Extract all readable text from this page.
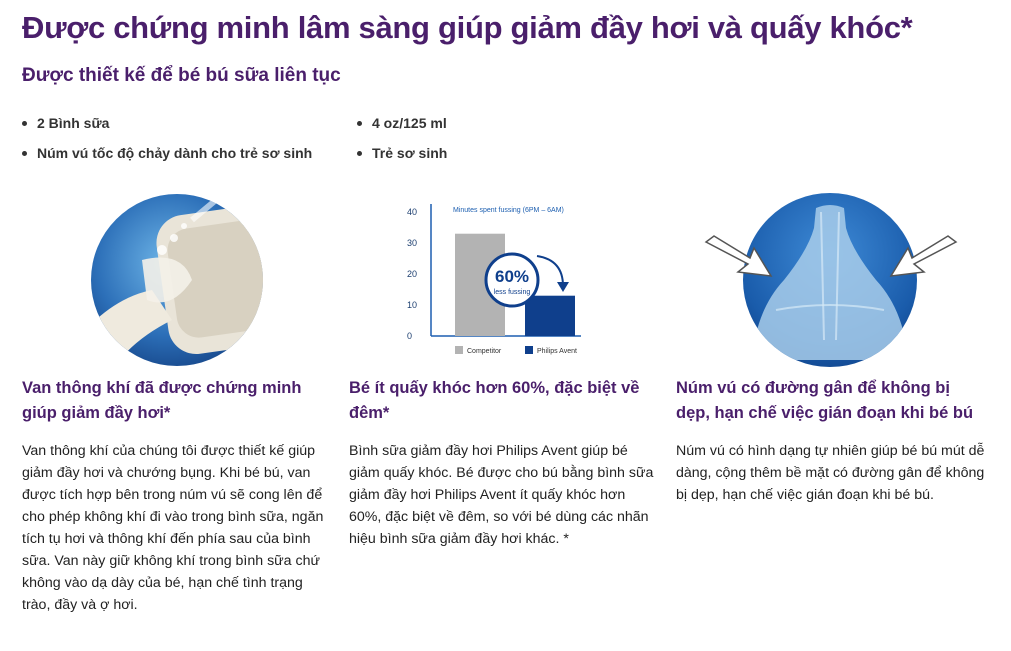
Được chứng minh lâm sàng giúp giảm đầy hơi và quấy khóc*
Được thiết kế để bé bú sữa liên tục
2 Bình sữa	4 oz/125 ml
Núm vú tốc độ chảy dành cho trẻ sơ sinh	Trẻ sơ sinh
Van thông khí đã được chứng minh giúp giảm đầy hơi*

Van thông khí của chúng tôi được thiết kế giúp giảm đầy hơi và chướng bụng. Khi bé bú, van được tích hợp bên trong núm vú sẽ cong lên để cho phép không khí đi vào trong bình sữa, ngăn tích tụ hơi và thông khí đến phía sau của bình sữa. Van này giữ không khí trong bình sữa chứ không vào dạ dày của bé, hạn chế tình trạng trào, đầy và ợ hơi.

Minutes spent fussing (6PM – 6AM)
0
10
20
30
40
60%
less fussing
Competitor	Philips Avent
Bé ít quấy khóc hơn 60%, đặc biệt về đêm*

Bình sữa giảm đầy hơi Philips Avent giúp bé giảm quấy khóc. Bé được cho bú bằng bình sữa giảm đầy hơi Philips Avent ít quấy khóc hơn 60%, đặc biệt về đêm, so với bé dùng các nhãn hiệu bình sữa giảm đầy hơi khác. *

Núm vú có đường gân để không bị dẹp, hạn chế việc gián đoạn khi bé bú

Núm vú có hình dạng tự nhiên giúp bé bú mút dễ dàng, cộng thêm bề mặt có đường gân để không bị dẹp, hạn chế việc gián đoạn khi bé bú.
